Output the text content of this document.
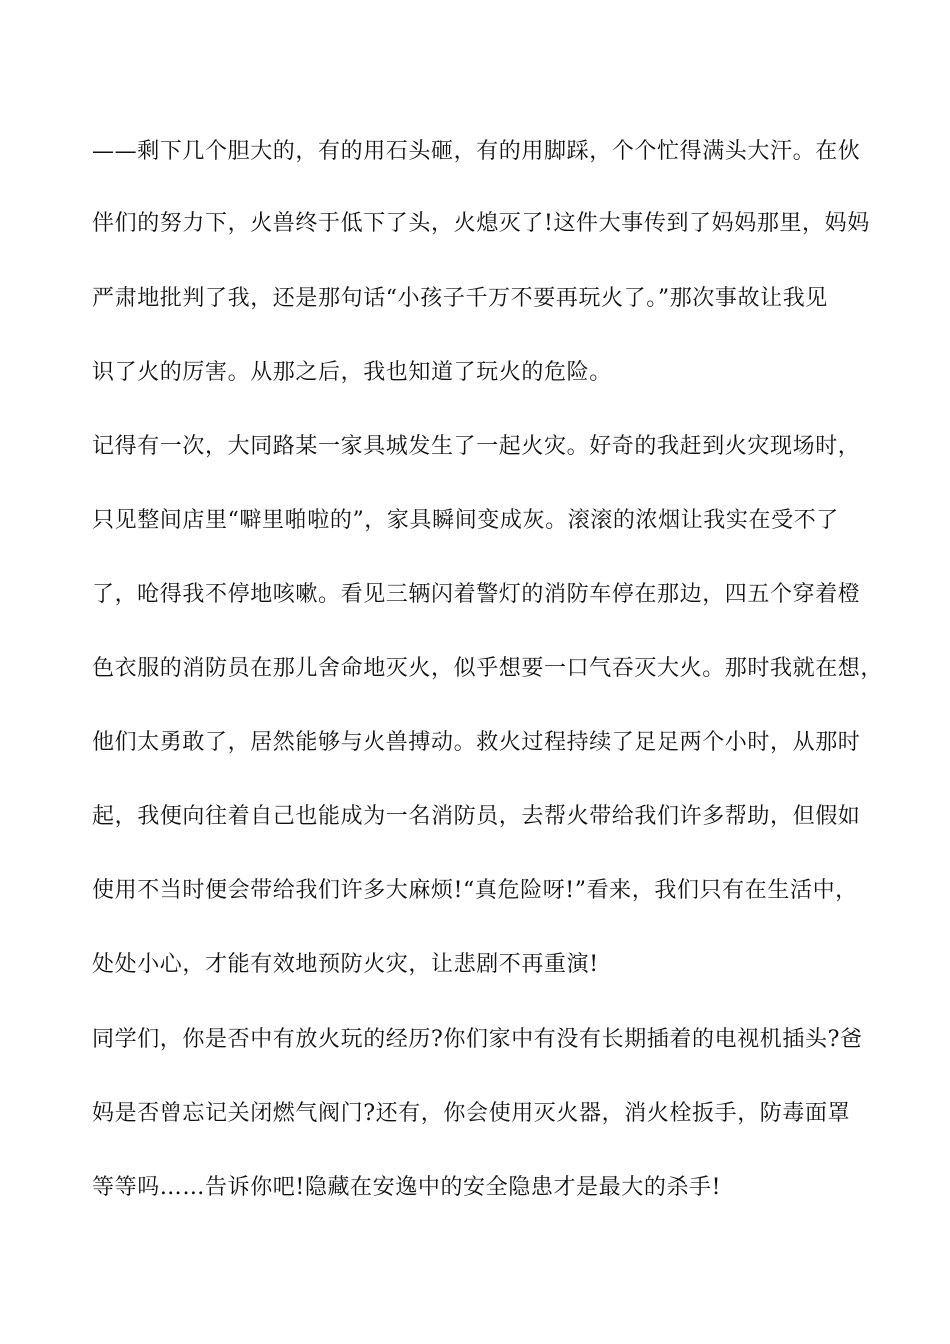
——剩下几个胆大的，有的用石头砸，有的用脚踩，个个忙得满头大汗。在伙

伴们的努力下，火兽终于低下了头，火熄灭了!这件大事传到了妈妈那里，妈妈

严肃地批判了我，还是那句话“小孩子千万不要再玩火了。”那次事故让我见

识了火的厉害。从那之后，我也知道了玩火的危险。

记得有一次，大同路某一家具城发生了一起火灾。好奇的我赶到火灾现场时，

只见整间店里“噼里啪啦的”，家具瞬间变成灰。滚滚的浓烟让我实在受不了

了，呛得我不停地咳嗽。看见三辆闪着警灯的消防车停在那边，四五个穿着橙

色衣服的消防员在那儿舍命地灭火，似乎想要一口气吞灭大火。那时我就在想，

他们太勇敢了，居然能够与火兽搏动。救火过程持续了足足两个小时，从那时

起，我便向往着自己也能成为一名消防员，去帮火带给我们许多帮助，但假如

使用不当时便会带给我们许多大麻烦!“真危险呀!”看来，我们只有在生活中，

处处小心，才能有效地预防火灾，让悲剧不再重演!

同学们，你是否中有放火玩的经历?你们家中有没有长期插着的电视机插头?爸

妈是否曾忘记关闭燃气阀门?还有，你会使用灭火器，消火栓扳手，防毒面罩

等等吗……告诉你吧!隐藏在安逸中的安全隐患才是最大的杀手!
